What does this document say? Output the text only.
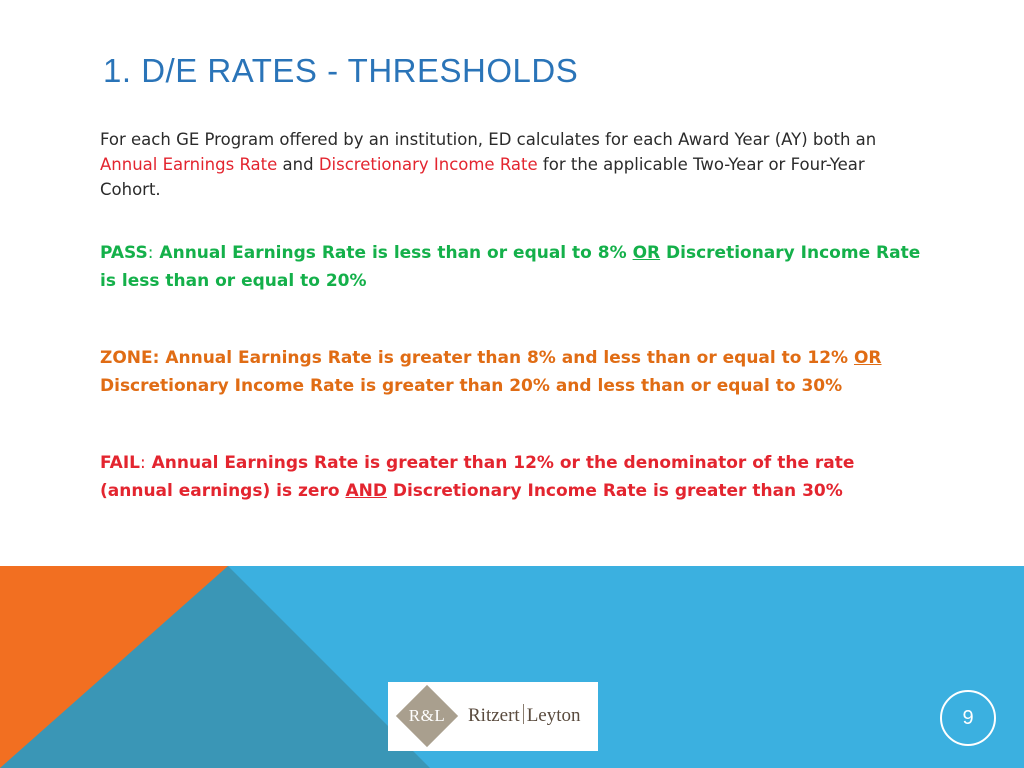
1. D/E RATES - THRESHOLDS
For each GE Program offered by an institution, ED calculates for each Award Year (AY) both an Annual Earnings Rate and Discretionary Income Rate for the applicable Two-Year or Four-Year Cohort.
PASS: Annual Earnings Rate is less than or equal to 8% OR Discretionary Income Rate is less than or equal to 20%
ZONE: Annual Earnings Rate is greater than 8% and less than or equal to 12% OR Discretionary Income Rate is greater than 20% and less than or equal to 30%
FAIL: Annual Earnings Rate is greater than 12% or the denominator of the rate (annual earnings) is zero AND Discretionary Income Rate is greater than 30%
R&L	Ritzert Leyton	9
